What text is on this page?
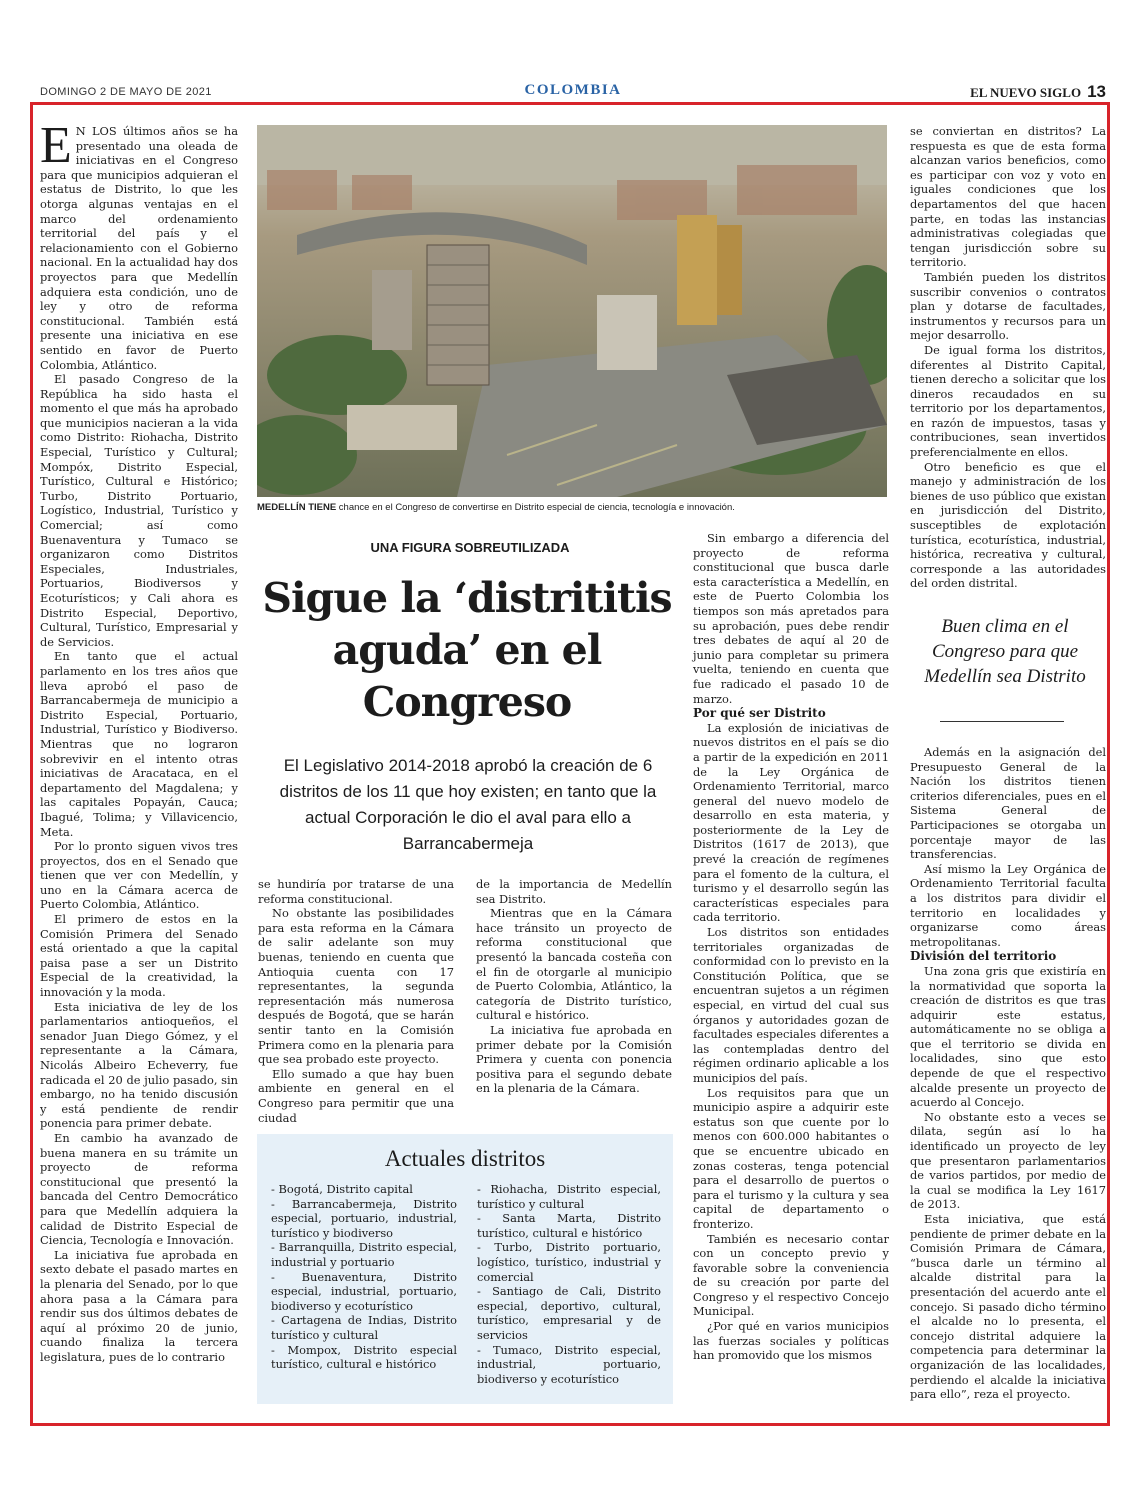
DOMINGO 2 DE MAYO DE 2021	COLOMBIA	EL NUEVO SIGLO 13

E N LOS últimos años se ha presentado una oleada de iniciativas en el Congreso para que municipios adquieran el estatus de Distrito, lo que les otorga algunas ventajas en el marco del ordenamiento territorial del país y el relacionamiento con el Gobierno nacional. En la actualidad hay dos proyectos para que Medellín adquiera esta condición, uno de ley y otro de reforma constitucional. También está presente una iniciativa en ese sentido en favor de Puerto Colombia, Atlántico.

El pasado Congreso de la República ha sido hasta el momento el que más ha aprobado que municipios nacieran a la vida como Distrito: Riohacha, Distrito Especial, Turístico y Cultural; Mompóx, Distrito Especial, Turístico, Cultural e Histórico; Turbo, Distrito Portuario, Logístico, Industrial, Turístico y Comercial; así como Buenaventura y Tumaco se organizaron como Distritos Especiales, Industriales, Portuarios, Biodiversos y Ecoturísticos; y Cali ahora es Distrito Especial, Deportivo, Cultural, Turístico, Empresarial y de Servicios.

En tanto que el actual parlamento en los tres años que lleva aprobó el paso de Barrancabermeja de municipio a Distrito Especial, Portuario, Industrial, Turístico y Biodiverso. Mientras que no lograron sobrevivir en el intento otras iniciativas de Aracataca, en el departamento del Magdalena; y las capitales Popayán, Cauca; Ibagué, Tolima; y Villavicencio, Meta.

Por lo pronto siguen vivos tres proyectos, dos en el Senado que tienen que ver con Medellín, y uno en la Cámara acerca de Puerto Colombia, Atlántico.

El primero de estos en la Comisión Primera del Senado está orientado a que la capital paisa pase a ser un Distrito Especial de la creatividad, la innovación y la moda.

Esta iniciativa de ley de los parlamentarios antioqueños, el senador Juan Diego Gómez, y el representante a la Cámara, Nicolás Albeiro Echeverry, fue radicada el 20 de julio pasado, sin embargo, no ha tenido discusión y está pendiente de rendir ponencia para primer debate.

En cambio ha avanzado de buena manera en su trámite un proyecto de reforma constitucional que presentó la bancada del Centro Democrático para que Medellín adquiera la calidad de Distrito Especial de Ciencia, Tecnología e Innovación.

La iniciativa fue aprobada en sexto debate el pasado martes en la plenaria del Senado, por lo que ahora pasa a la Cámara para rendir sus dos últimos debates de aquí al próximo 20 de junio, cuando finaliza la tercera legislatura, pues de lo contrario

MEDELLÍN TIENE chance en el Congreso de convertirse en Distrito especial de ciencia, tecnología e innovación.
UNA FIGURA SOBREUTILIZADA
Sigue la ‘distrititis aguda’ en el Congreso
El Legislativo 2014-2018 aprobó la creación de 6 distritos de los 11 que hoy existen; en tanto que la actual Corporación le dio el aval para ello a Barrancabermeja

se hundiría por tratarse de una reforma constitucional.

No obstante las posibilidades para esta reforma en la Cámara de salir adelante son muy buenas, teniendo en cuenta que Antioquia cuenta con 17 representantes, la segunda representación más numerosa después de Bogotá, que se harán sentir tanto en la Comisión Primera como en la plenaria para que sea probado este proyecto.

Ello sumado a que hay buen ambiente en general en el Congreso para permitir que una ciudad

de la importancia de Medellín sea Distrito.

Mientras que en la Cámara hace tránsito un proyecto de reforma constitucional que presentó la bancada costeña con el fin de otorgarle al municipio de Puerto Colombia, Atlántico, la categoría de Distrito turístico, cultural e histórico.

La iniciativa fue aprobada en primer debate por la Comisión Primera y cuenta con ponencia positiva para el segundo debate en la plenaria de la Cámara.

Actuales distritos

- Bogotá, Distrito capital

- Barrancabermeja, Distrito especial, portuario, industrial, turístico y biodiverso

- Barranquilla, Distrito especial, industrial y portuario

- Buenaventura, Distrito especial, industrial, portuario, biodiverso y ecoturístico

- Cartagena de Indias, Distrito turístico y cultural

- Mompox, Distrito especial turístico, cultural e histórico

- Riohacha, Distrito especial, turístico y cultural

- Santa Marta, Distrito turístico, cultural e histórico

- Turbo, Distrito portuario, logístico, turístico, industrial y comercial

- Santiago de Cali, Distrito especial, deportivo, cultural, turístico, empresarial y de servicios

- Tumaco, Distrito especial, industrial, portuario, biodiverso y ecoturístico

Sin embargo a diferencia del proyecto de reforma constitucional que busca darle esta característica a Medellín, en este de Puerto Colombia los tiempos son más apretados para su aprobación, pues debe rendir tres debates de aquí al 20 de junio para completar su primera vuelta, teniendo en cuenta que fue radicado el pasado 10 de marzo.

Por qué ser Distrito

La explosión de iniciativas de nuevos distritos en el país se dio a partir de la expedición en 2011 de la Ley Orgánica de Ordenamiento Territorial, marco general del nuevo modelo de desarrollo en esta materia, y posteriormente de la Ley de Distritos (1617 de 2013), que prevé la creación de regímenes para el fomento de la cultura, el turismo y el desarrollo según las características especiales para cada territorio.

Los distritos son entidades territoriales organizadas de conformidad con lo previsto en la Constitución Política, que se encuentran sujetos a un régimen especial, en virtud del cual sus órganos y autoridades gozan de facultades especiales diferentes a las contempladas dentro del régimen ordinario aplicable a los municipios del país.

Los requisitos para que un municipio aspire a adquirir este estatus son que cuente por lo menos con 600.000 habitantes o que se encuentre ubicado en zonas costeras, tenga potencial para el desarrollo de puertos o para el turismo y la cultura y sea capital de departamento o fronterizo.

También es necesario contar con un concepto previo y favorable sobre la conveniencia de su creación por parte del Congreso y el respectivo Concejo Municipal.

¿Por qué en varios municipios las fuerzas sociales y políticas han promovido que los mismos

se conviertan en distritos? La respuesta es que de esta forma alcanzan varios beneficios, como es participar con voz y voto en iguales condiciones que los departamentos del que hacen parte, en todas las instancias administrativas colegiadas que tengan jurisdicción sobre su territorio.

También pueden los distritos suscribir convenios o contratos plan y dotarse de facultades, instrumentos y recursos para un mejor desarrollo.

De igual forma los distritos, diferentes al Distrito Capital, tienen derecho a solicitar que los dineros recaudados en su territorio por los departamentos, en razón de impuestos, tasas y contribuciones, sean invertidos preferencialmente en ellos.

Otro beneficio es que el manejo y administración de los bienes de uso público que existan en jurisdicción del Distrito, susceptibles de explotación turística, ecoturística, industrial, histórica, recreativa y cultural, corresponde a las autoridades del orden distrital.

Buen clima en el Congreso para que Medellín sea Distrito

Además en la asignación del Presupuesto General de la Nación los distritos tienen criterios diferenciales, pues en el Sistema General de Participaciones se otorgaba un porcentaje mayor de las transferencias.

Así mismo la Ley Orgánica de Ordenamiento Territorial faculta a los distritos para dividir el territorio en localidades y organizarse como áreas metropolitanas.

División del territorio

Una zona gris que existiría en la normatividad que soporta la creación de distritos es que tras adquirir este estatus, automáticamente no se obliga a que el territorio se divida en localidades, sino que esto depende de que el respectivo alcalde presente un proyecto de acuerdo al Concejo.

No obstante esto a veces se dilata, según así lo ha identificado un proyecto de ley que presentaron parlamentarios de varios partidos, por medio de la cual se modifica la Ley 1617 de 2013.

Esta iniciativa, que está pendiente de primer debate en la Comisión Primara de Cámara, “busca darle un término al alcalde distrital para la presentación del acuerdo ante el concejo. Si pasado dicho término el alcalde no lo presenta, el concejo distrital adquiere la competencia para determinar la organización de las localidades, perdiendo el alcalde la iniciativa para ello”, reza el proyecto.
